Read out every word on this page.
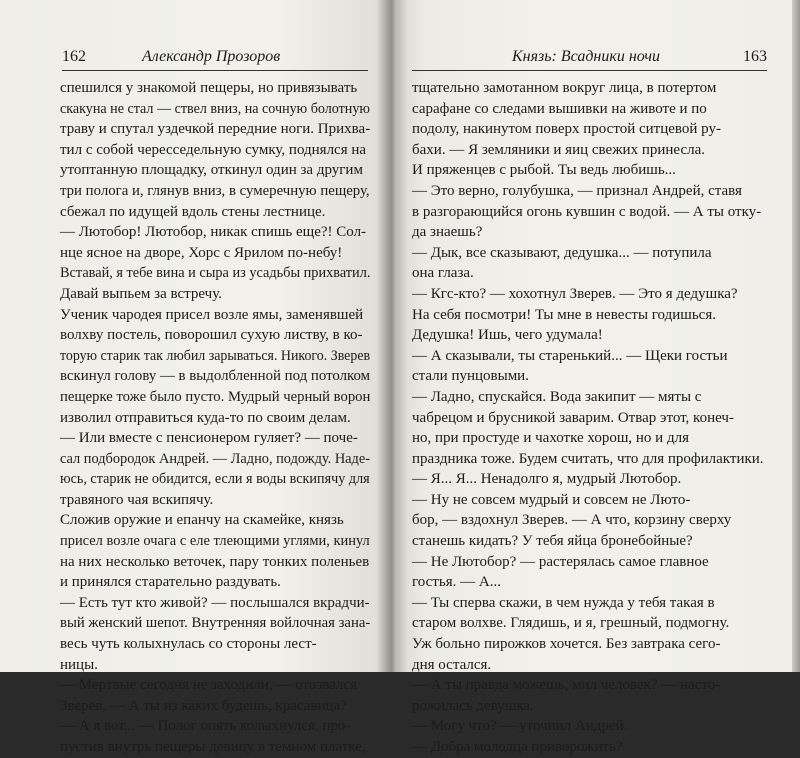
162	Александр Прозоров
спешился у знакомой пещеры, но привязывать
скакуна не стал — ствел вниз, на сочную болотную
траву и спутал уздечкой передние ноги. Прихва-
тил с собой чересседельную сумку, поднялся на
утоптанную площадку, откинул один за другим
три полога и, глянув вниз, в сумеречную пещеру,
сбежал по идущей вдоль стены лестнице.
— Лютобор! Лютобор, никак спишь еще?! Сол-
нце ясное на дворе, Хорс с Ярилом по-небу!
Вставай, я тебе вина и сыра из усадьбы прихватил.
Давай выпьем за встречу.
Ученик чародея присел возле ямы, заменявшей
волхву постель, поворошил сухую листву, в ко-
торую старик так любил зарываться. Никого. Зверев
вскинул голову — в выдолбленной под потолком
пещерке тоже было пусто. Мудрый черный ворон
изволил отправиться куда-то по своим делам.
— Или вместе с пенсионером гуляет? — поче-
сал подбородок Андрей. — Ладно, подожду. Наде-
юсь, старик не обидится, если я воды вскипячу для
травяного чая вскипячу.
Сложив оружие и епанчу на скамейке, князь
присел возле очага с еле тлеющими углями, кинул
на них несколько веточек, пару тонких поленьев
и принялся старательно раздувать.
— Есть тут кто живой? — послышался вкрадчи-
вый женский шепот. Внутренняя войлочная занa-
весь чуть колыхнулась со стороны лест-
ницы.
— Мертвые сегодня не заходили, — отозвался
Зверев. — А ты из каких будешь, красавица?
— А я вот... — Полог опять колыхнулся, про-
пустив внутрь пещеры девицу в темном платке,
Князь: Всадники ночи	163
тщательно замотанном вокруг лица, в потертом
сарафане со следами вышивки на животе и по
подолу, накинутом поверх простой ситцевой ру-
бахи. — Я земляники и яиц свежих принесла.
И пряженцев с рыбой. Ты ведь любишь...
— Это верно, голубушка, — признал Андрей, ставя
в разгорающийся огонь кувшин с водой. — А ты отку-
да знаешь?
— Дык, все сказывают, дедушка... — потупила
она глаза.
— Кгс-кто? — хохотнул Зверев. — Это я дедушка?
На себя посмотри! Ты мне в невесты годишься.
Дедушка! Ишь, чего удумала!
— А сказывали, ты старенький... — Щеки гостьи
стали пунцовыми.
— Ладно, спускайся. Вода закипит — мяты с
чабрецом и брусникой заварим. Отвар этот, конеч-
но, при простуде и чахотке хорош, но и для
праздника тоже. Будем считать, что для профилактики.
— Я... Я... Ненадолго я, мудрый Лютобор.
— Ну не совсем мудрый и совсем не Люто-
бор, — вздохнул Зверев. — А что, корзину сверху
станешь кидать? У тебя яйца бронебойные?
— Не Лютобор? — растерялась самое главное
гостья. — А...
— Ты сперва скажи, в чем нужда у тебя такая в
старом волхве. Глядишь, и я, грешный, подмогну.
Уж больно пирожков хочется. Без завтрака сего-
дня остался.
— А ты правда можешь, мил человек? — насто-
рожилась девушка.
— Могу что? — уточнил Андрей.
— Добра молодца приворожить?
